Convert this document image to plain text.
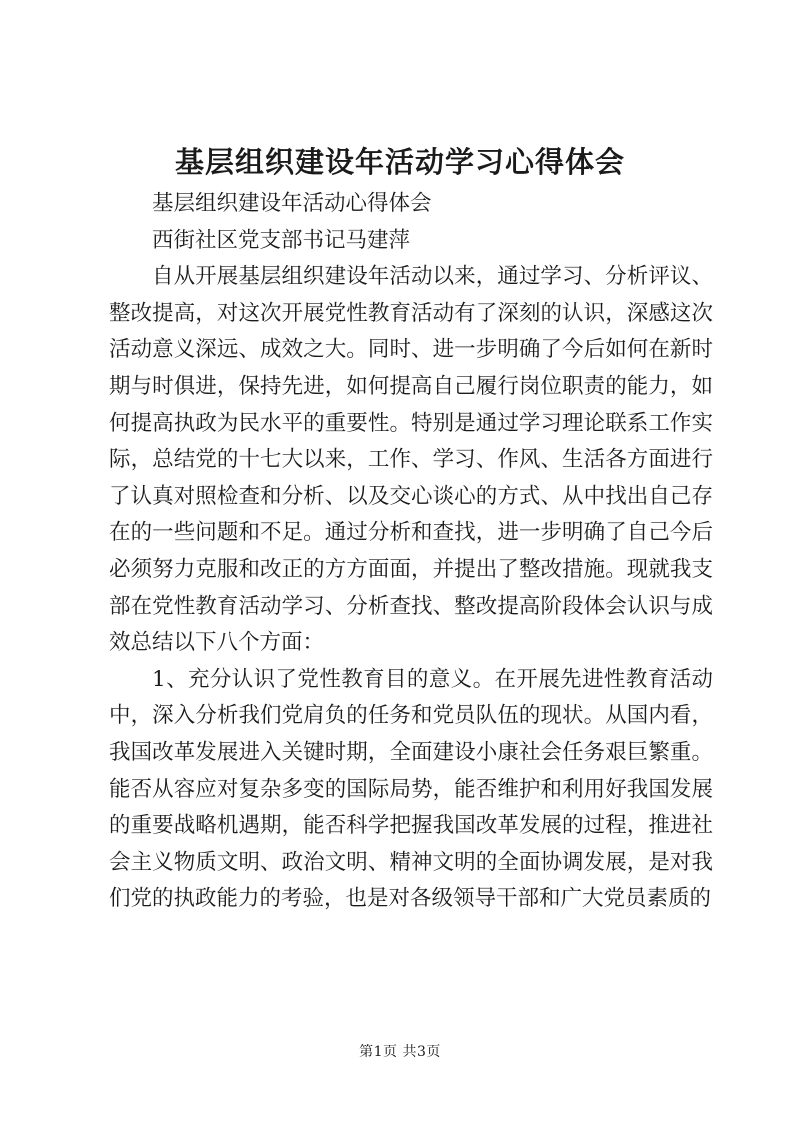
基层组织建设年活动学习心得体会

基层组织建设年活动心得体会

西街社区党支部书记马建萍

自从开展基层组织建设年活动以来，通过学习、分析评议、整改提高，对这次开展党性教育活动有了深刻的认识，深感这次活动意义深远、成效之大。同时、进一步明确了今后如何在新时期与时俱进，保持先进，如何提高自己履行岗位职责的能力，如何提高执政为民水平的重要性。特别是通过学习理论联系工作实际，总结党的十七大以来，工作、学习、作风、生活各方面进行了认真对照检查和分析、以及交心谈心的方式、从中找出自己存在的一些问题和不足。通过分析和查找，进一步明确了自己今后必须努力克服和改正的方方面面，并提出了整改措施。现就我支部在党性教育活动学习、分析查找、整改提高阶段体会认识与成效总结以下八个方面：

1、充分认识了党性教育目的意义。在开展先进性教育活动中，深入分析我们党肩负的任务和党员队伍的现状。从国内看，我国改革发展进入关键时期，全面建设小康社会任务艰巨繁重。能否从容应对复杂多变的国际局势，能否维护和利用好我国发展的重要战略机遇期，能否科学把握我国改革发展的过程，推进社会主义物质文明、政治文明、精神文明的全面协调发展，是对我们党的执政能力的考验，也是对各级领导干部和广大党员素质的

第1页 共3页
